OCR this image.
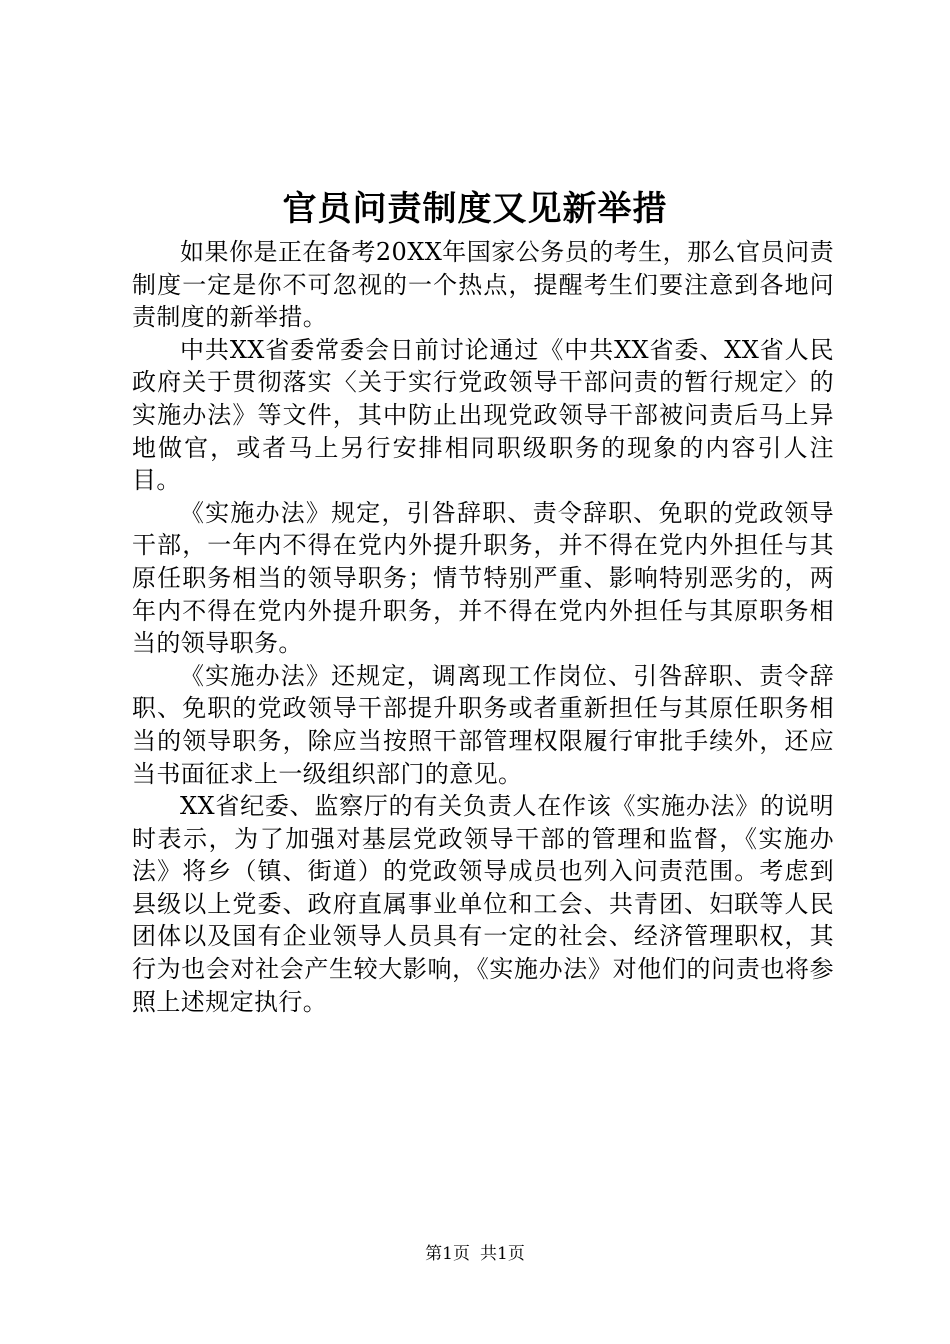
官员问责制度又见新举措

如果你是正在备考20XX年国家公务员的考生，那么官员问责制度一定是你不可忽视的一个热点，提醒考生们要注意到各地问责制度的新举措。

中共XX省委常委会日前讨论通过《中共XX省委、XX省人民政府关于贯彻落实〈关于实行党政领导干部问责的暂行规定〉的实施办法》等文件，其中防止出现党政领导干部被问责后马上异地做官，或者马上另行安排相同职级职务的现象的内容引人注目。

《实施办法》规定，引咎辞职、责令辞职、免职的党政领导干部，一年内不得在党内外提升职务，并不得在党内外担任与其原任职务相当的领导职务；情节特别严重、影响特别恶劣的，两年内不得在党内外提升职务，并不得在党内外担任与其原职务相当的领导职务。

《实施办法》还规定，调离现工作岗位、引咎辞职、责令辞职、免职的党政领导干部提升职务或者重新担任与其原任职务相当的领导职务，除应当按照干部管理权限履行审批手续外，还应当书面征求上一级组织部门的意见。

XX省纪委、监察厅的有关负责人在作该《实施办法》的说明时表示，为了加强对基层党政领导干部的管理和监督，《实施办法》将乡（镇、街道）的党政领导成员也列入问责范围。考虑到县级以上党委、政府直属事业单位和工会、共青团、妇联等人民团体以及国有企业领导人员具有一定的社会、经济管理职权，其行为也会对社会产生较大影响，《实施办法》对他们的问责也将参照上述规定执行。

第1页 共1页
